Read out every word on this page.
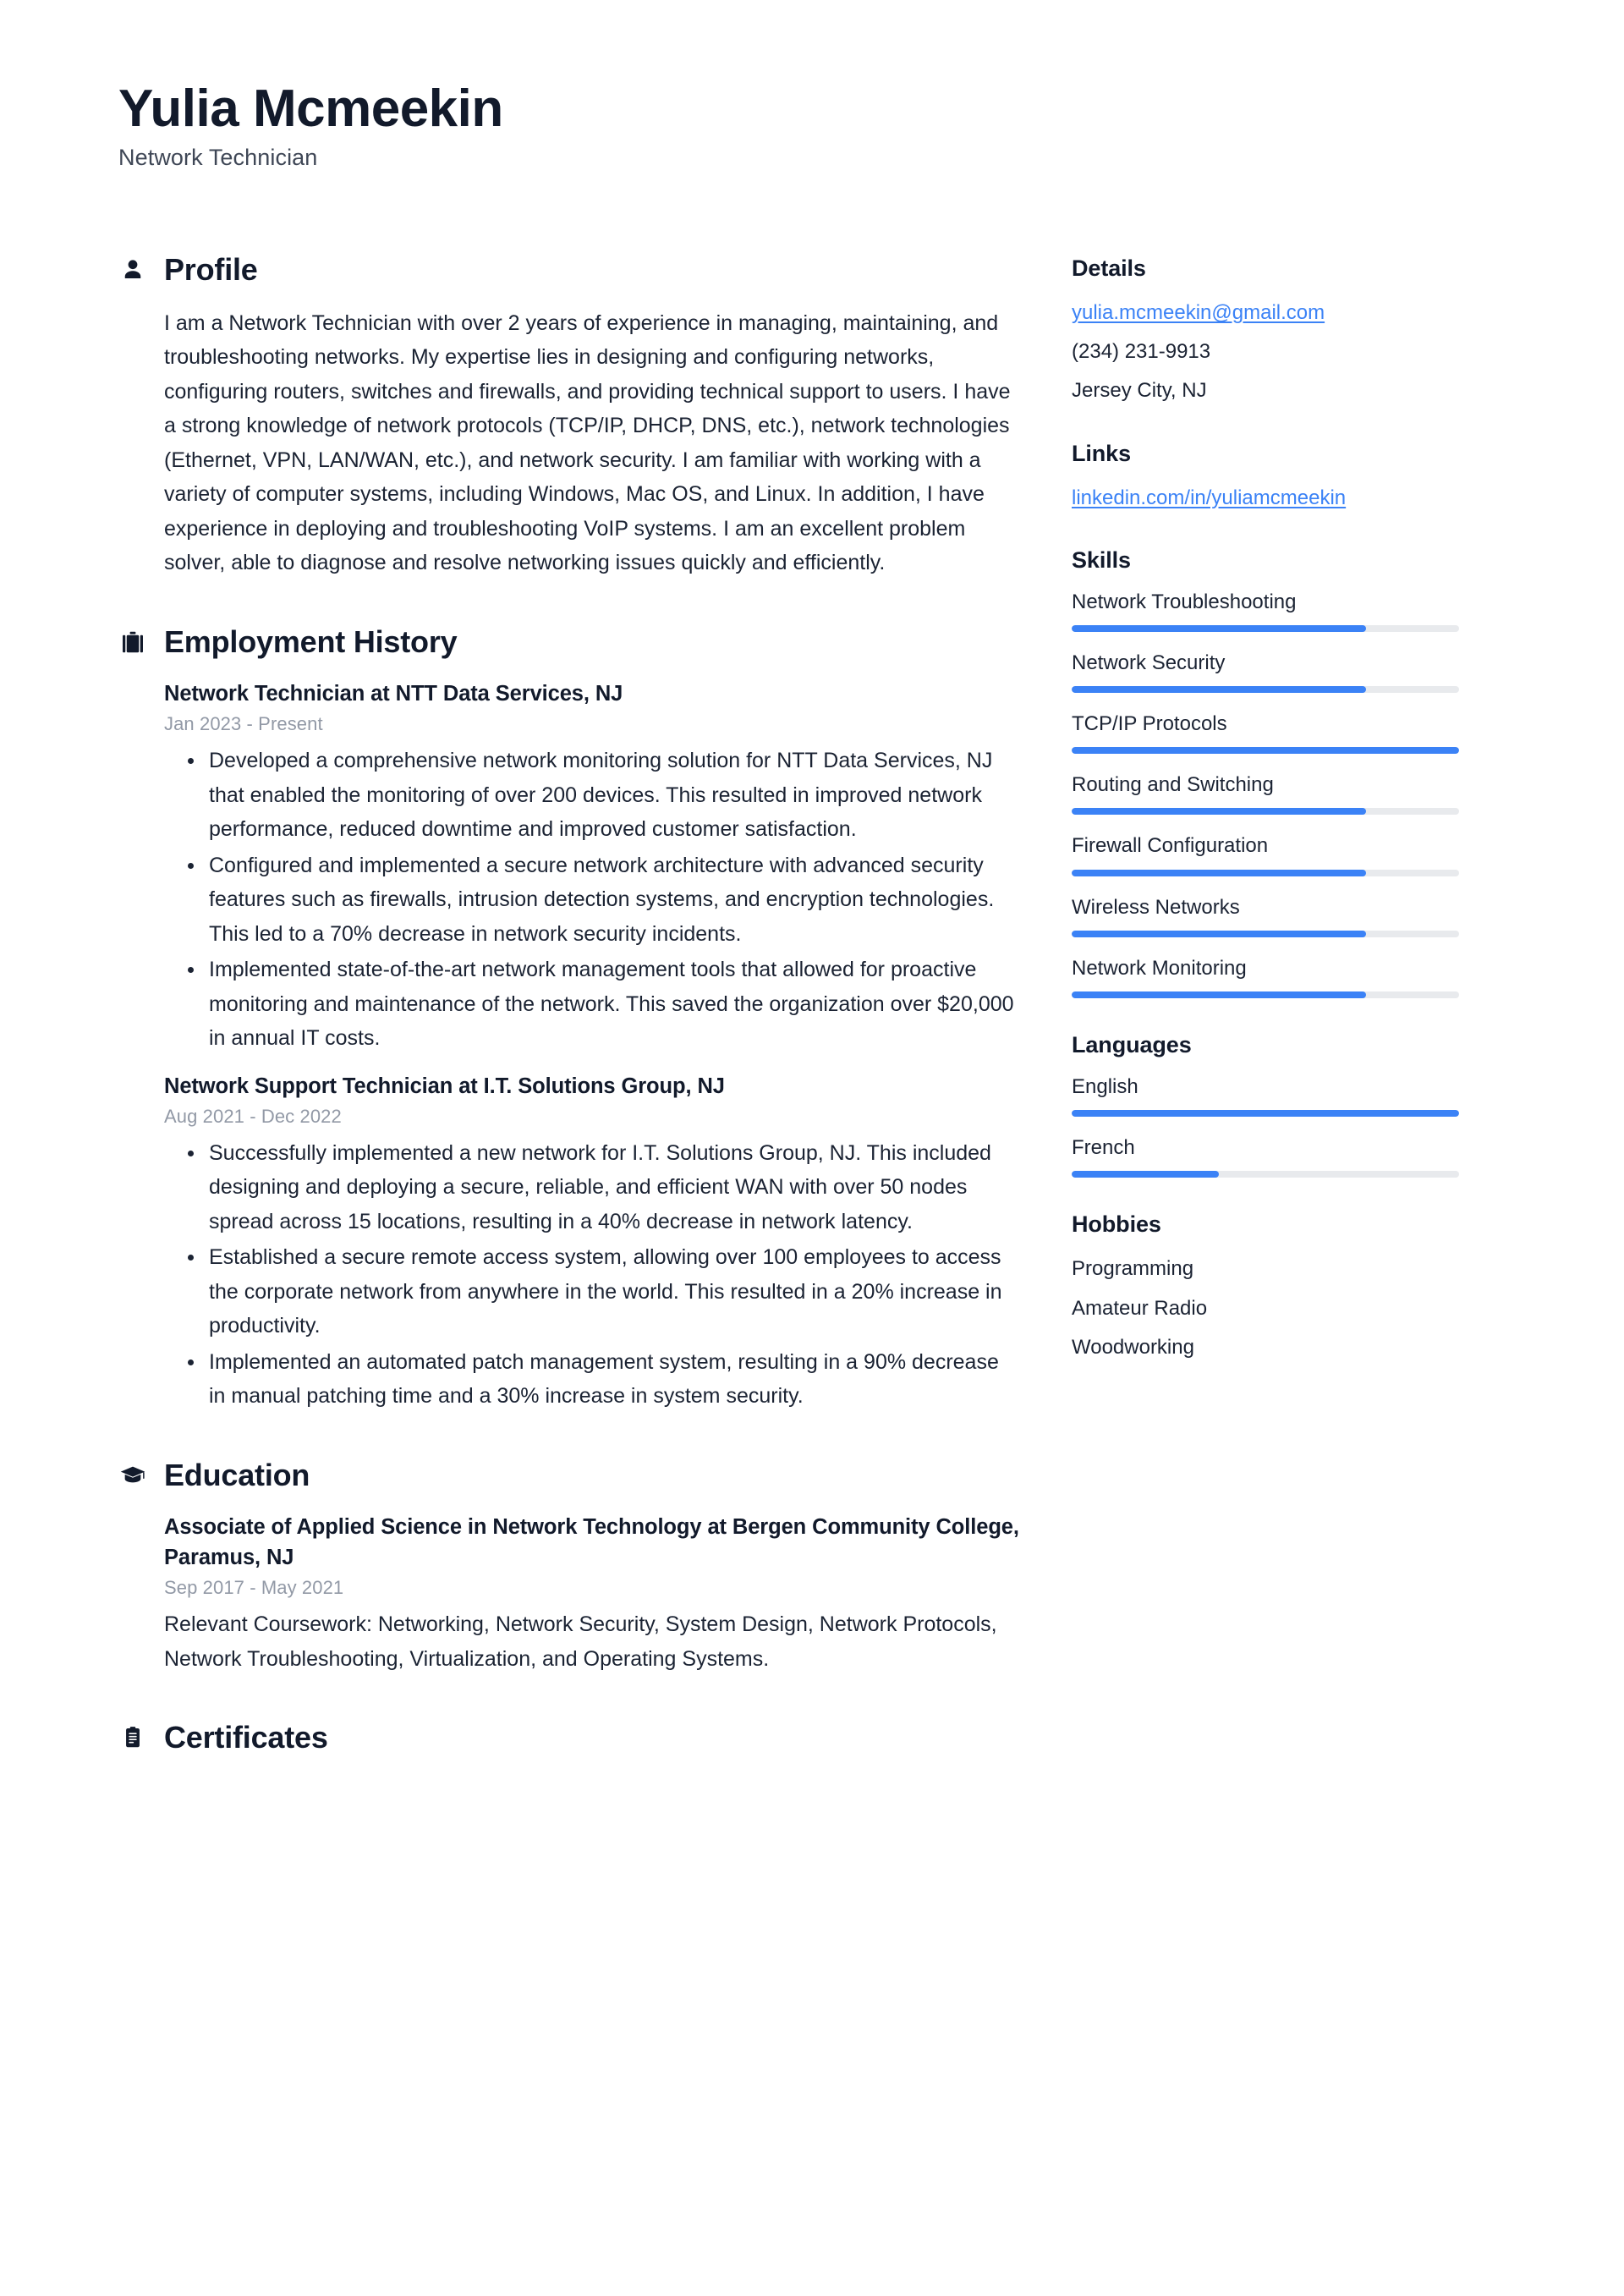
Yulia Mcmeekin
Network Technician
Profile

I am a Network Technician with over 2 years of experience in managing, maintaining, and troubleshooting networks. My expertise lies in designing and configuring networks, configuring routers, switches and firewalls, and providing technical support to users. I have a strong knowledge of network protocols (TCP/IP, DHCP, DNS, etc.), network technologies (Ethernet, VPN, LAN/WAN, etc.), and network security. I am familiar with working with a variety of computer systems, including Windows, Mac OS, and Linux. In addition, I have experience in deploying and troubleshooting VoIP systems. I am an excellent problem solver, able to diagnose and resolve networking issues quickly and efficiently.

Employment History
Network Technician at NTT Data Services, NJ
Jan 2023 - Present
Developed a comprehensive network monitoring solution for NTT Data Services, NJ that enabled the monitoring of over 200 devices. This resulted in improved network performance, reduced downtime and improved customer satisfaction.
Configured and implemented a secure network architecture with advanced security features such as firewalls, intrusion detection systems, and encryption technologies. This led to a 70% decrease in network security incidents.
Implemented state-of-the-art network management tools that allowed for proactive monitoring and maintenance of the network. This saved the organization over $20,000 in annual IT costs.
Network Support Technician at I.T. Solutions Group, NJ
Aug 2021 - Dec 2022
Successfully implemented a new network for I.T. Solutions Group, NJ. This included designing and deploying a secure, reliable, and efficient WAN with over 50 nodes spread across 15 locations, resulting in a 40% decrease in network latency.
Established a secure remote access system, allowing over 100 employees to access the corporate network from anywhere in the world. This resulted in a 20% increase in productivity.
Implemented an automated patch management system, resulting in a 90% decrease in manual patching time and a 30% increase in system security.
Education
Associate of Applied Science in Network Technology at Bergen Community College, Paramus, NJ
Sep 2017 - May 2021
Relevant Coursework: Networking, Network Security, System Design, Network Protocols, Network Troubleshooting, Virtualization, and Operating Systems.
Certificates
Details
yulia.mcmeekin@gmail.com
(234) 231-9913
Jersey City, NJ
Links
linkedin.com/in/yuliamcmeekin
Skills
Network Troubleshooting
Network Security
TCP/IP Protocols
Routing and Switching
Firewall Configuration
Wireless Networks
Network Monitoring
Languages
English
French
Hobbies
Programming
Amateur Radio
Woodworking
